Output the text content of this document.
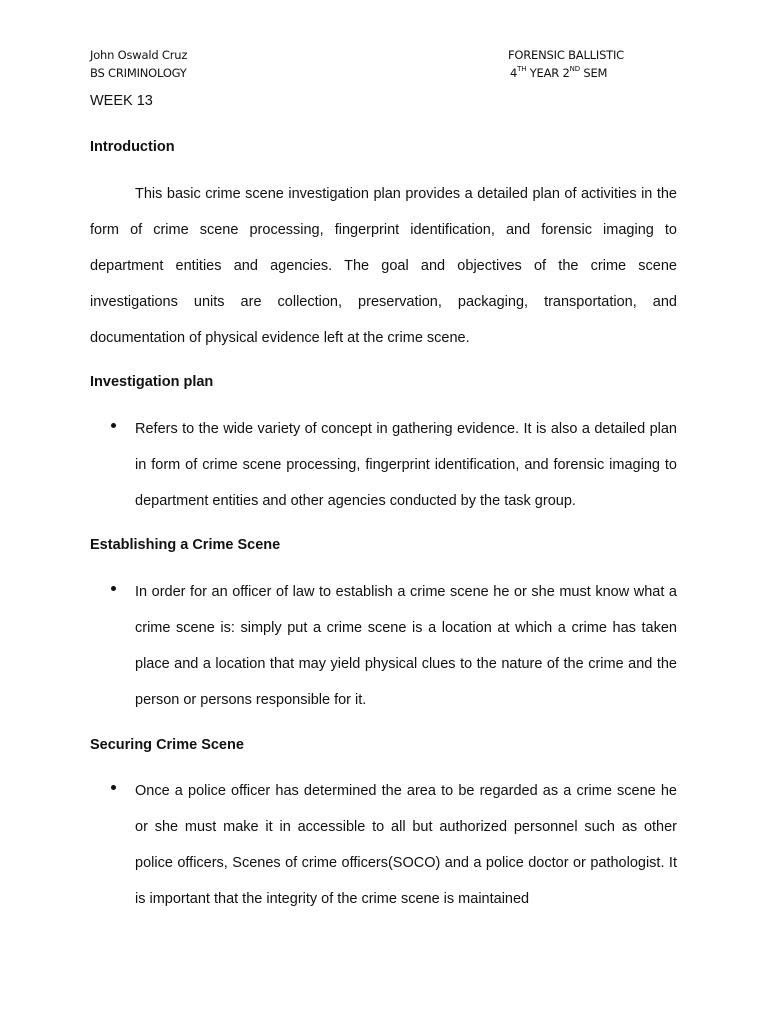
John Oswald Cruz
BS CRIMINOLOGY
FORENSIC BALLISTIC
4TH YEAR 2ND SEM
WEEK 13
Introduction

This basic crime scene investigation plan provides a detailed plan of activities in the form of crime scene processing, fingerprint identification, and forensic imaging to department entities and agencies. The goal and objectives of the crime scene investigations units are collection, preservation, packaging, transportation, and documentation of physical evidence left at the crime scene.

Investigation plan

Refers to the wide variety of concept in gathering evidence. It is also a detailed plan in form of crime scene processing, fingerprint identification, and forensic imaging to department entities and other agencies conducted by the task group.

Establishing a Crime Scene

In order for an officer of law to establish a crime scene he or she must know what a crime scene is: simply put a crime scene is a location at which a crime has taken place and a location that may yield physical clues to the nature of the crime and the person or persons responsible for it.

Securing Crime Scene

Once a police officer has determined the area to be regarded as a crime scene he or she must make it in accessible to all but authorized personnel such as other police officers, Scenes of crime officers(SOCO) and a police doctor or pathologist. It is important that the integrity of the crime scene is maintained
